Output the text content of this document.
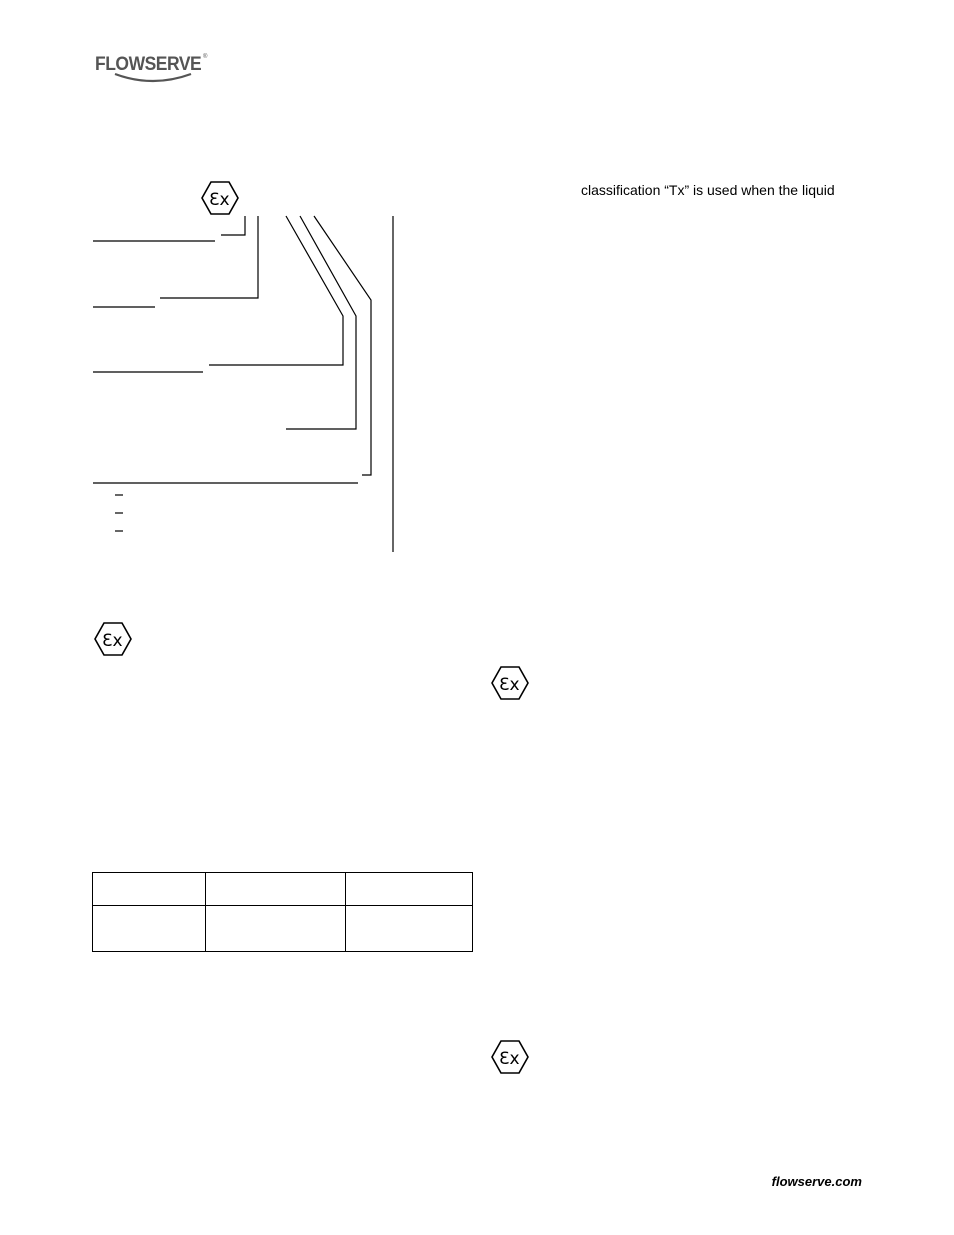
FLOWSERVE ®
Ɛx
Ɛx
Ɛx
Ɛx
classification “Tx” is used when the liquid

flowserve.com
